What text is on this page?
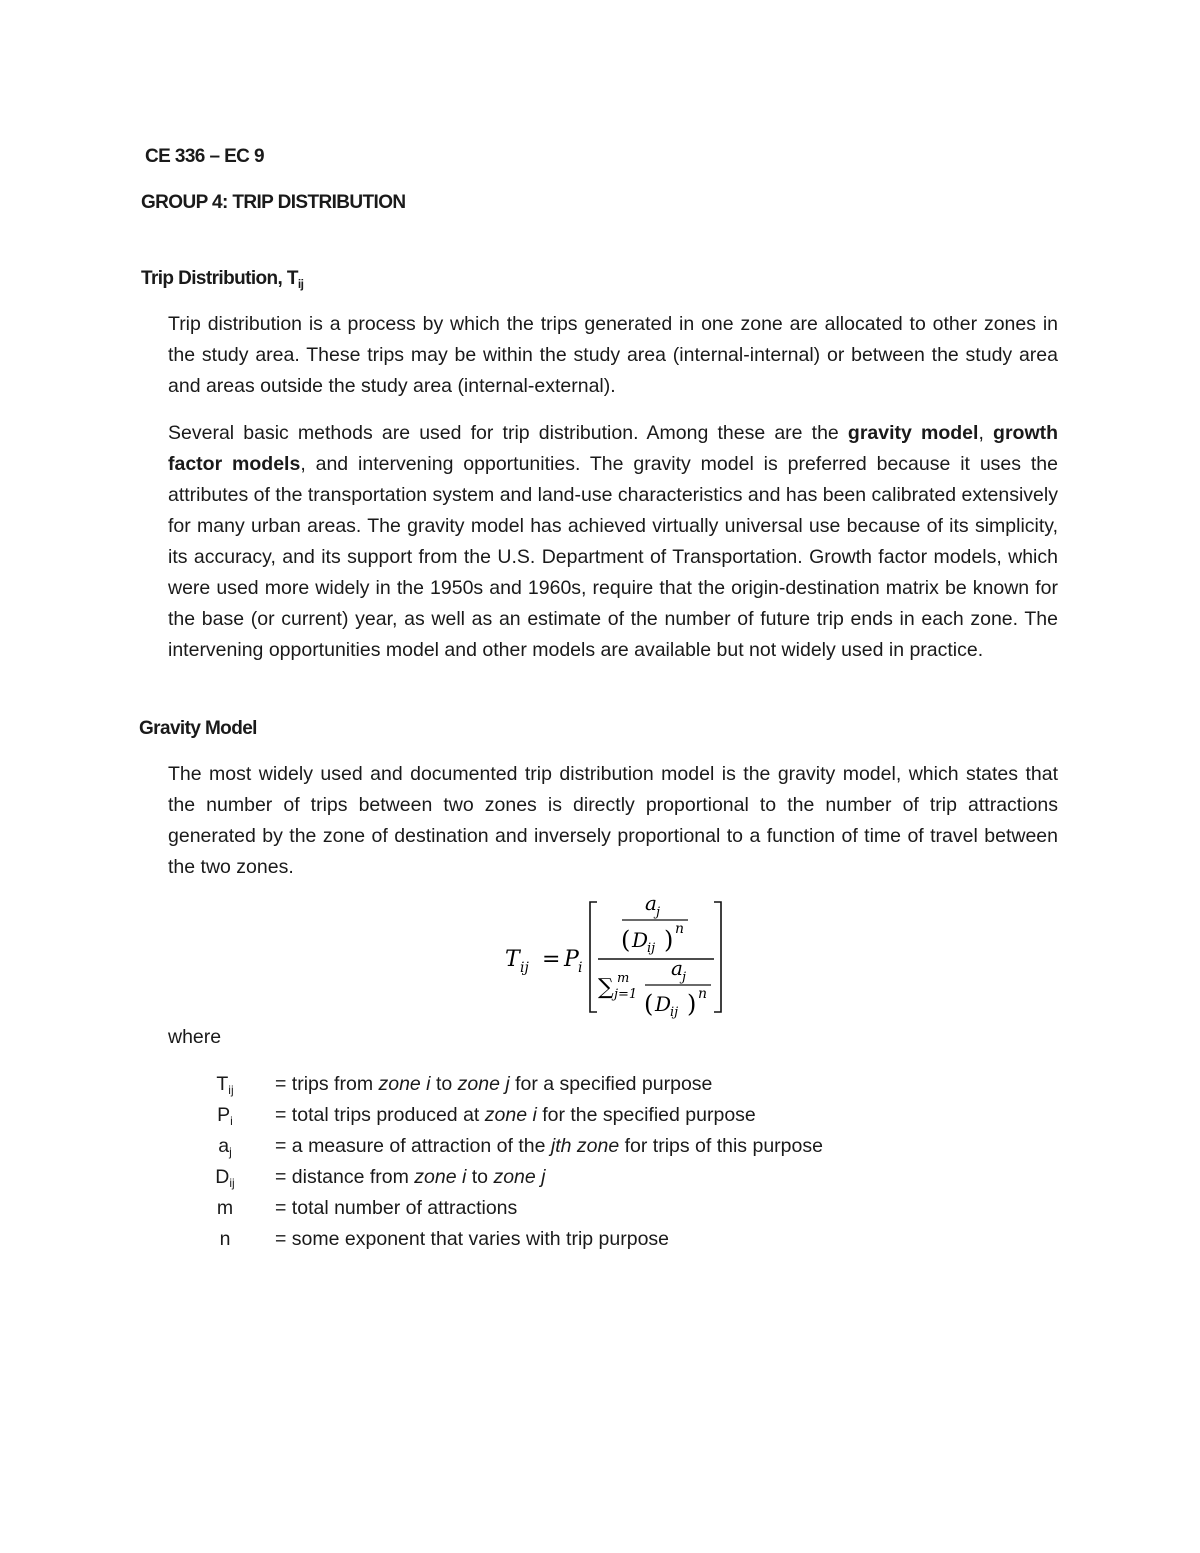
CE 336 – EC 9
GROUP 4: TRIP DISTRIBUTION
Trip Distribution, $T_{ij}$
Trip distribution is a process by which the trips generated in one zone are allocated to other zones in the study area. These trips may be within the study area (internal-internal) or between the study area and areas outside the study area (internal-external).
Several basic methods are used for trip distribution. Among these are the gravity model, growth factor models, and intervening opportunities. The gravity model is preferred because it uses the attributes of the transportation system and land-use characteristics and has been calibrated extensively for many urban areas. The gravity model has achieved virtually universal use because of its simplicity, its accuracy, and its support from the U.S. Department of Transportation. Growth factor models, which were used more widely in the 1950s and 1960s, require that the origin-destination matrix be known for the base (or current) year, as well as an estimate of the number of future trip ends in each zone. The intervening opportunities model and other models are available but not widely used in practice.
Gravity Model
The most widely used and documented trip distribution model is the gravity model, which states that the number of trips between two zones is directly proportional to the number of trip attractions generated by the zone of destination and inversely proportional to a function of time of travel between the two zones.
T ij = P i
a j
( D
ij ) n
∑ m
j=1
a j
( D
ij ) n
where
$T_{ij}$	= trips from zone i to zone j for a specified purpose
$P_i$	= total trips produced at zone i for the specified purpose
$a_j$	= a measure of attraction of the jth zone for trips of this purpose
$D_{ij}$	= distance from zone i to zone j
m	= total number of attractions
n	= some exponent that varies with trip purpose
